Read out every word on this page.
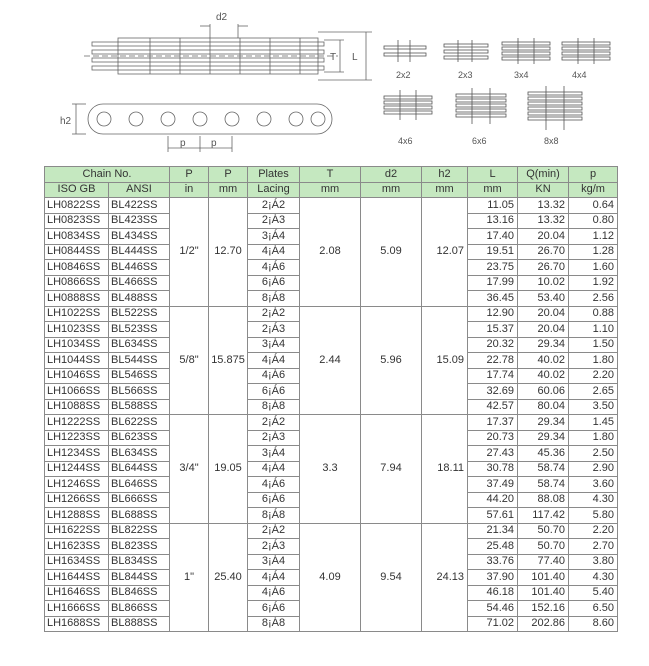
d2
T L
h2
p	p
2x2	2x3	3x4	4x4
4x6	6x6	8x8
Chain No.		P	P	Plates	T	d2	h2	L	Q(min)	p
ISO GB	ANSI	in	mm	Lacing	mm	mm	mm	mm	KN	kg/m
LH0822SS	BL422SS	1/2"	12.70	2¡Á2	2.08	5.09	12.07	11.05	13.32	0.64
LH0823SS	BL423SS			2¡Á3				13.16	13.32	0.80
LH0834SS	BL434SS			3¡Á4				17.40	20.04	1.12
LH0844SS	BL444SS			4¡Á4				19.51	26.70	1.28
LH0846SS	BL446SS			4¡Á6				23.75	26.70	1.60
LH0866SS	BL466SS			6¡Á6				17.99	10.02	1.92
LH0888SS	BL488SS			8¡Á8				36.45	53.40	2.56
LH1022SS	BL522SS	5/8"	15.875	2¡Á2	2.44	5.96	15.09	12.90	20.04	0.88
LH1023SS	BL523SS			2¡Á3				15.37	20.04	1.10
LH1034SS	BL634SS			3¡Á4				20.32	29.34	1.50
LH1044SS	BL544SS			4¡Á4				22.78	40.02	1.80
LH1046SS	BL546SS			4¡Á6				17.74	40.02	2.20
LH1066SS	BL566SS			6¡Á6				32.69	60.06	2.65
LH1088SS	BL588SS			8¡Á8				42.57	80.04	3.50
LH1222SS	BL622SS	3/4"	19.05	2¡Á2	3.3	7.94	18.11	17.37	29.34	1.45
LH1223SS	BL623SS			2¡Á3				20.73	29.34	1.80
LH1234SS	BL634SS			3¡Á4				27.43	45.36	2.50
LH1244SS	BL644SS			4¡Á4				30.78	58.74	2.90
LH1246SS	BL646SS			4¡Á6				37.49	58.74	3.60
LH1266SS	BL666SS			6¡Á6				44.20	88.08	4.30
LH1288SS	BL688SS			8¡Á8				57.61	117.42	5.80
LH1622SS	BL822SS	1"	25.40	2¡Á2	4.09	9.54	24.13	21.34	50.70	2.20
LH1623SS	BL823SS			2¡Á3				25.48	50.70	2.70
LH1634SS	BL834SS			3¡Á4				33.76	77.40	3.80
LH1644SS	BL844SS			4¡Á4				37.90	101.40	4.30
LH1646SS	BL846SS			4¡Á6				46.18	101.40	5.40
LH1666SS	BL866SS			6¡Á6				54.46	152.16	6.50
LH1688SS	BL888SS			8¡Á8				71.02	202.86	8.60
